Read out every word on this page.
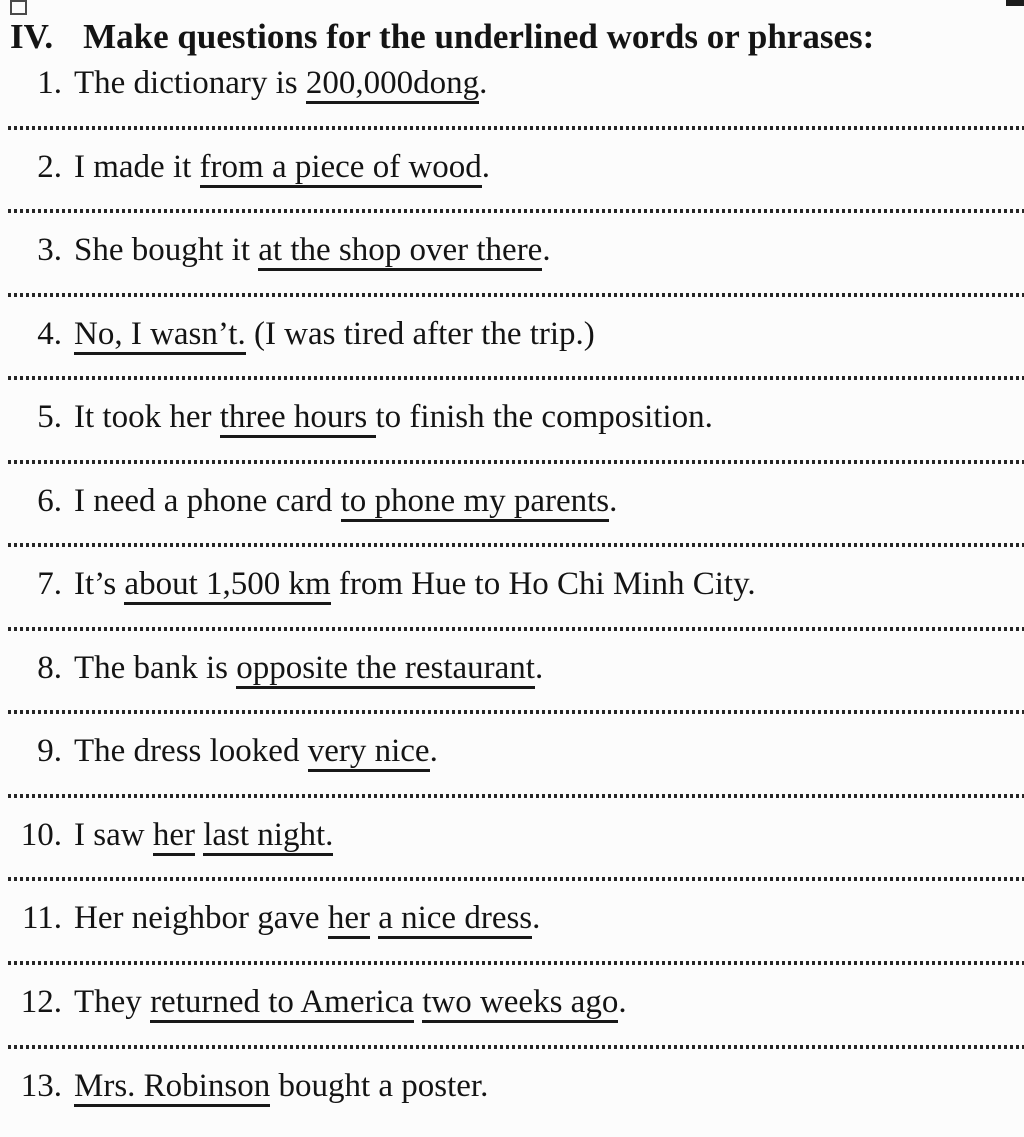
IV. Make questions for the underlined words or phrases:
1. The dictionary is 200,000dong.
2. I made it from a piece of wood.
3. She bought it at the shop over there.
4. No, I wasn’t. (I was tired after the trip.)
5. It took her three hours to finish the composition.
6. I need a phone card to phone my parents.
7. It’s about 1,500 km from Hue to Ho Chi Minh City.
8. The bank is opposite the restaurant.
9. The dress looked very nice.
10. I saw her last night.
11. Her neighbor gave her a nice dress.
12. They returned to America two weeks ago.
13. Mrs. Robinson bought a poster.
